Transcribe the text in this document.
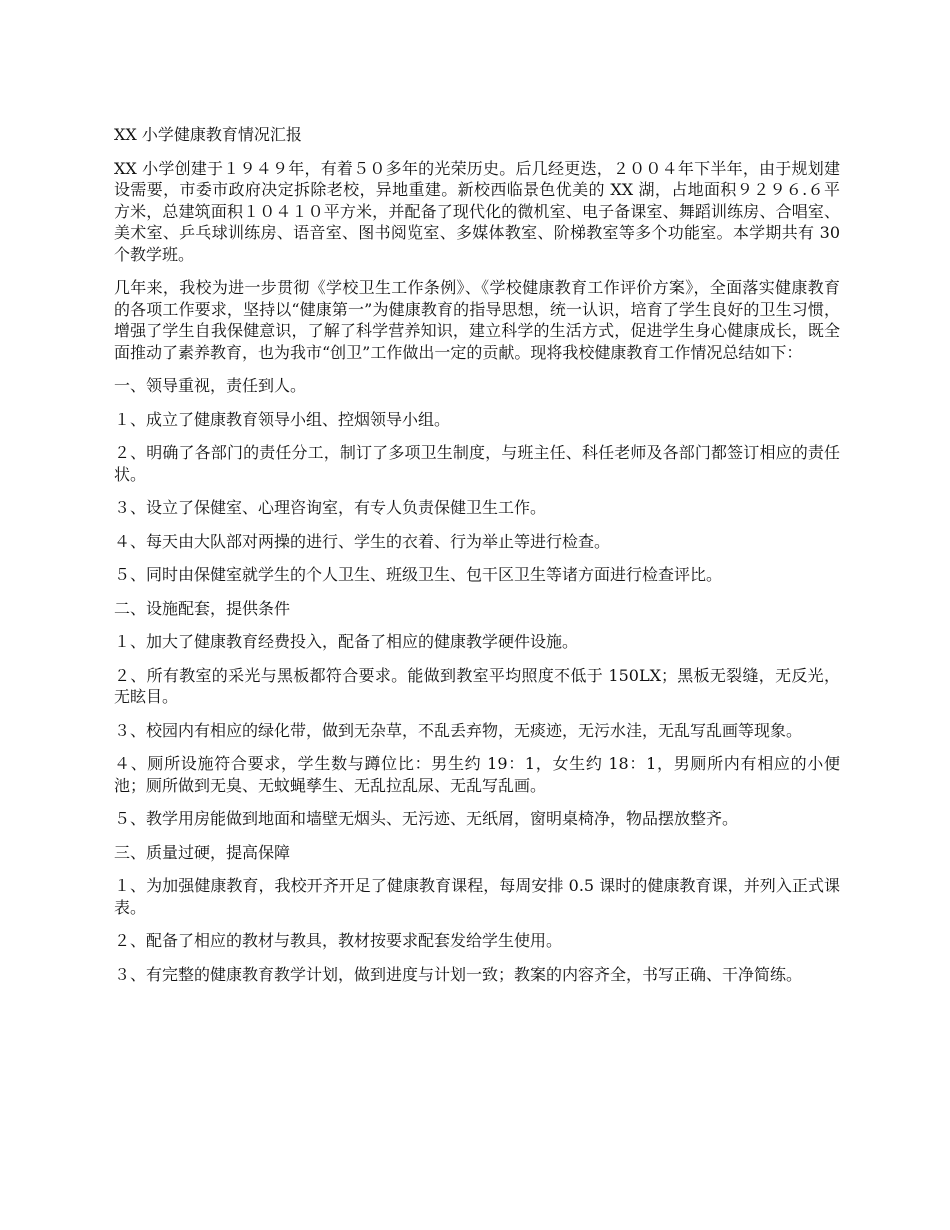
XX 小学健康教育情况汇报

XX 小学创建于１９４９年，有着５０多年的光荣历史。后几经更迭，２００４年下半年，由于规划建设需要，市委市政府决定拆除老校，异地重建。新校西临景色优美的 XX 湖，占地面积９２９６.６平方米，总建筑面积１０４１０平方米，并配备了现代化的微机室、电子备课室、舞蹈训练房、合唱室、美术室、乒乓球训练房、语音室、图书阅览室、多媒体教室、阶梯教室等多个功能室。本学期共有 30 个教学班。

几年来，我校为进一步贯彻《学校卫生工作条例》、《学校健康教育工作评价方案》，全面落实健康教育的各项工作要求，坚持以“健康第一”为健康教育的指导思想，统一认识，培育了学生良好的卫生习惯，增强了学生自我保健意识，了解了科学营养知识，建立科学的生活方式，促进学生身心健康成长，既全面推动了素养教育，也为我市“创卫”工作做出一定的贡献。现将我校健康教育工作情况总结如下：

一、领导重视，责任到人。

１、成立了健康教育领导小组、控烟领导小组。

２、明确了各部门的责任分工，制订了多项卫生制度，与班主任、科任老师及各部门都签订相应的责任状。

３、设立了保健室、心理咨询室，有专人负责保健卫生工作。

４、每天由大队部对两操的进行、学生的衣着、行为举止等进行检查。

５、同时由保健室就学生的个人卫生、班级卫生、包干区卫生等诸方面进行检查评比。

二、设施配套，提供条件

１、加大了健康教育经费投入，配备了相应的健康教学硬件设施。

２、所有教室的采光与黑板都符合要求。能做到教室平均照度不低于 150LX；黑板无裂缝，无反光，无眩目。

３、校园内有相应的绿化带，做到无杂草，不乱丢弃物，无痰迹，无污水洼，无乱写乱画等现象。

４、厕所设施符合要求，学生数与蹲位比：男生约 19：1，女生约 18：1，男厕所内有相应的小便池；厕所做到无臭、无蚊蝇孳生、无乱拉乱尿、无乱写乱画。

５、教学用房能做到地面和墙壁无烟头、无污迹、无纸屑，窗明桌椅净，物品摆放整齐。

三、质量过硬，提高保障

１、为加强健康教育，我校开齐开足了健康教育课程，每周安排 0.5 课时的健康教育课，并列入正式课表。

２、配备了相应的教材与教具，教材按要求配套发给学生使用。

３、有完整的健康教育教学计划，做到进度与计划一致；教案的内容齐全，书写正确、干净简练。
